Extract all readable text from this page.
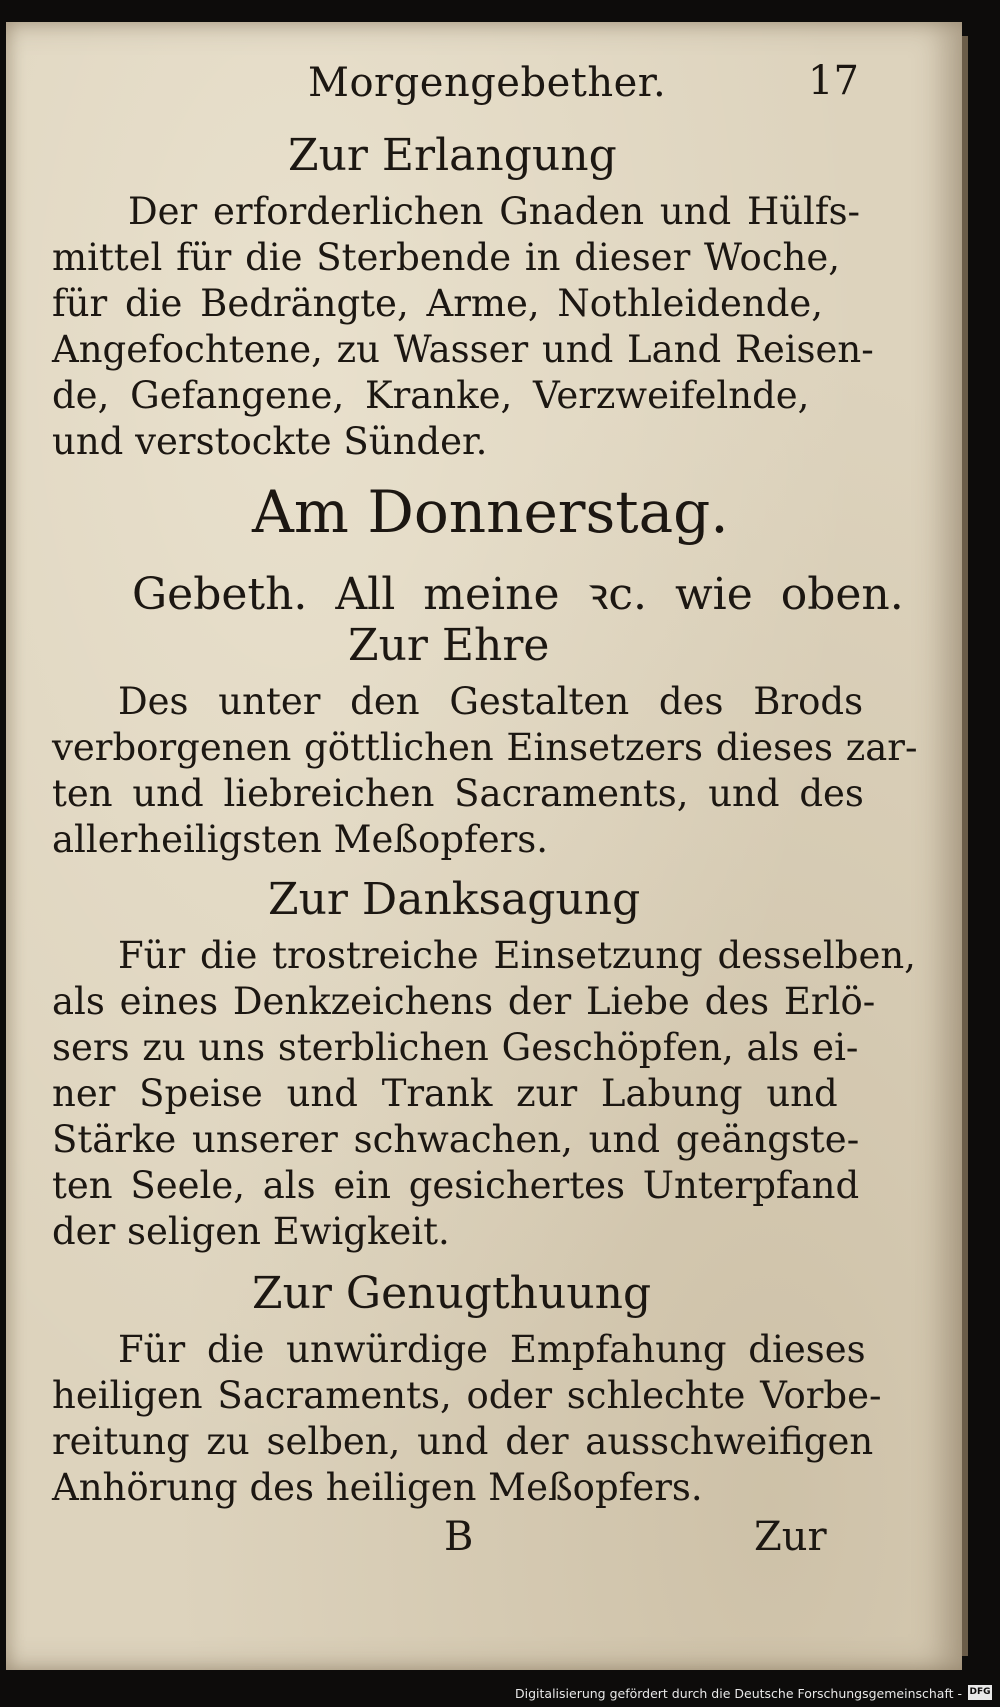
Morgengebether.	17
Zur Erlangung
Der erforderlichen Gnaden und Hülfs-
mittel für die Sterbende in dieser Woche,
für die Bedrängte, Arme, Nothleidende,
Angefochtene, zu Wasser und Land Reisen-
de, Gefangene, Kranke, Verzweifelnde,
und verstockte Sünder.
Am Donnerstag.
Gebeth. All meine ꝛc. wie oben.
Zur Ehre
Des unter den Gestalten des Brods
verborgenen göttlichen Einsetzers dieses zar-
ten und liebreichen Sacraments, und des
allerheiligsten Meßopfers.
Zur Danksagung
Für die trostreiche Einsetzung desselben,
als eines Denkzeichens der Liebe des Erlö-
sers zu uns sterblichen Geschöpfen, als ei-
ner Speise und Trank zur Labung und
Stärke unserer schwachen, und geängste-
ten Seele, als ein gesichertes Unterpfand
der seligen Ewigkeit.
Zur Genugthuung
Für die unwürdige Empfahung dieses
heiligen Sacraments, oder schlechte Vorbe-
reitung zu selben, und der ausschweifigen
Anhörung des heiligen Meßopfers.
B	Zur
Digitalisierung gefördert durch die Deutsche Forschungsgemeinschaft - DFG
